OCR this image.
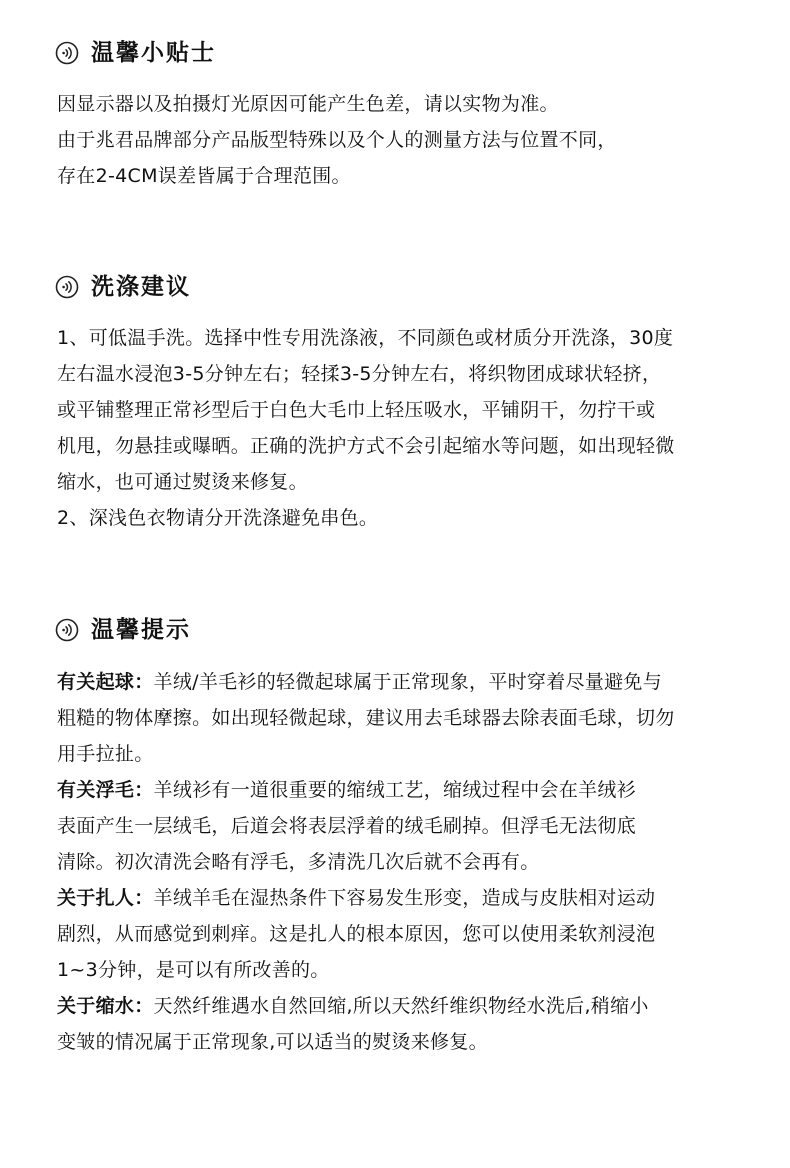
温馨小贴士
因显示器以及拍摄灯光原因可能产生色差，请以实物为准。
由于兆君品牌部分产品版型特殊以及个人的测量方法与位置不同，
存在2-4CM误差皆属于合理范围。
洗涤建议
1、可低温手洗。选择中性专用洗涤液，不同颜色或材质分开洗涤，30度
左右温水浸泡3-5分钟左右；轻揉3-5分钟左右，将织物团成球状轻挤，
或平铺整理正常衫型后于白色大毛巾上轻压吸水，平铺阴干，勿拧干或
机甩，勿悬挂或曝晒。正确的洗护方式不会引起缩水等问题，如出现轻微
缩水，也可通过熨烫来修复。
2、深浅色衣物请分开洗涤避免串色。
温馨提示
有关起球：羊绒/羊毛衫的轻微起球属于正常现象，平时穿着尽量避免与
粗糙的物体摩擦。如出现轻微起球，建议用去毛球器去除表面毛球，切勿
用手拉扯。
有关浮毛：羊绒衫有一道很重要的缩绒工艺，缩绒过程中会在羊绒衫
表面产生一层绒毛，后道会将表层浮着的绒毛刷掉。但浮毛无法彻底
清除。初次清洗会略有浮毛，多清洗几次后就不会再有。
关于扎人：羊绒羊毛在湿热条件下容易发生形变，造成与皮肤相对运动
剧烈，从而感觉到刺痒。这是扎人的根本原因，您可以使用柔软剂浸泡
1~3分钟，是可以有所改善的。
关于缩水：天然纤维遇水自然回缩,所以天然纤维织物经水洗后,稍缩小
变皱的情况属于正常现象,可以适当的熨烫来修复。
